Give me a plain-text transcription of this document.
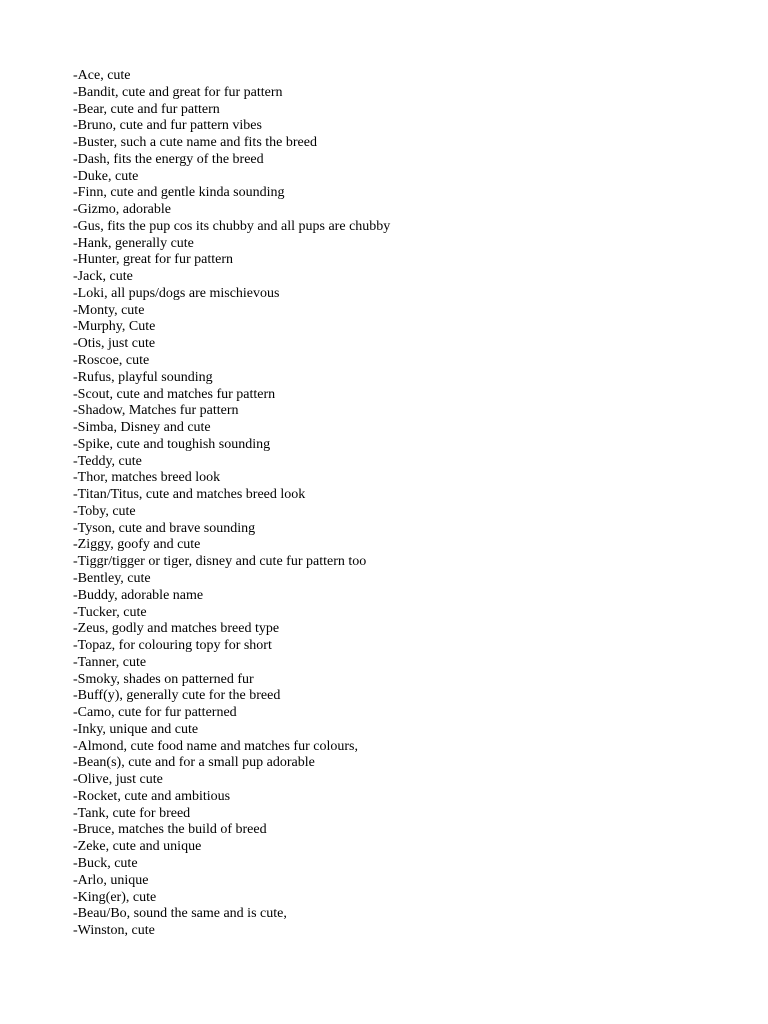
-Ace, cute
-Bandit, cute and great for fur pattern
-Bear, cute and fur pattern
-Bruno, cute and fur pattern vibes
-Buster, such a cute name and fits the breed
-Dash, fits the energy of the breed
-Duke, cute
-Finn, cute and gentle kinda sounding
-Gizmo, adorable
-Gus, fits the pup cos its chubby and all pups are chubby
-Hank, generally cute
-Hunter, great for fur pattern
-Jack, cute
-Loki, all pups/dogs are mischievous
-Monty, cute
-Murphy, Cute
-Otis, just cute
-Roscoe, cute
-Rufus, playful sounding
-Scout, cute and matches fur pattern
-Shadow, Matches fur pattern
-Simba, Disney and cute
-Spike, cute and toughish sounding
-Teddy, cute
-Thor, matches breed look
-Titan/Titus, cute and matches breed look
-Toby, cute
-Tyson, cute and brave sounding
-Ziggy, goofy and cute
-Tiggr/tigger or tiger, disney and cute fur pattern too
-Bentley, cute
-Buddy, adorable name
-Tucker, cute
-Zeus, godly and matches breed type
-Topaz, for colouring topy for short
-Tanner, cute
-Smoky, shades on patterned fur
-Buff(y), generally cute for the breed
-Camo, cute for fur patterned
-Inky, unique and cute
-Almond, cute food name and matches fur colours,
-Bean(s), cute and for a small pup adorable
-Olive, just cute
-Rocket, cute and ambitious
-Tank, cute for breed
-Bruce, matches the build of breed
-Zeke, cute and unique
-Buck, cute
-Arlo, unique
-King(er), cute
-Beau/Bo, sound the same and is cute,
-Winston, cute
